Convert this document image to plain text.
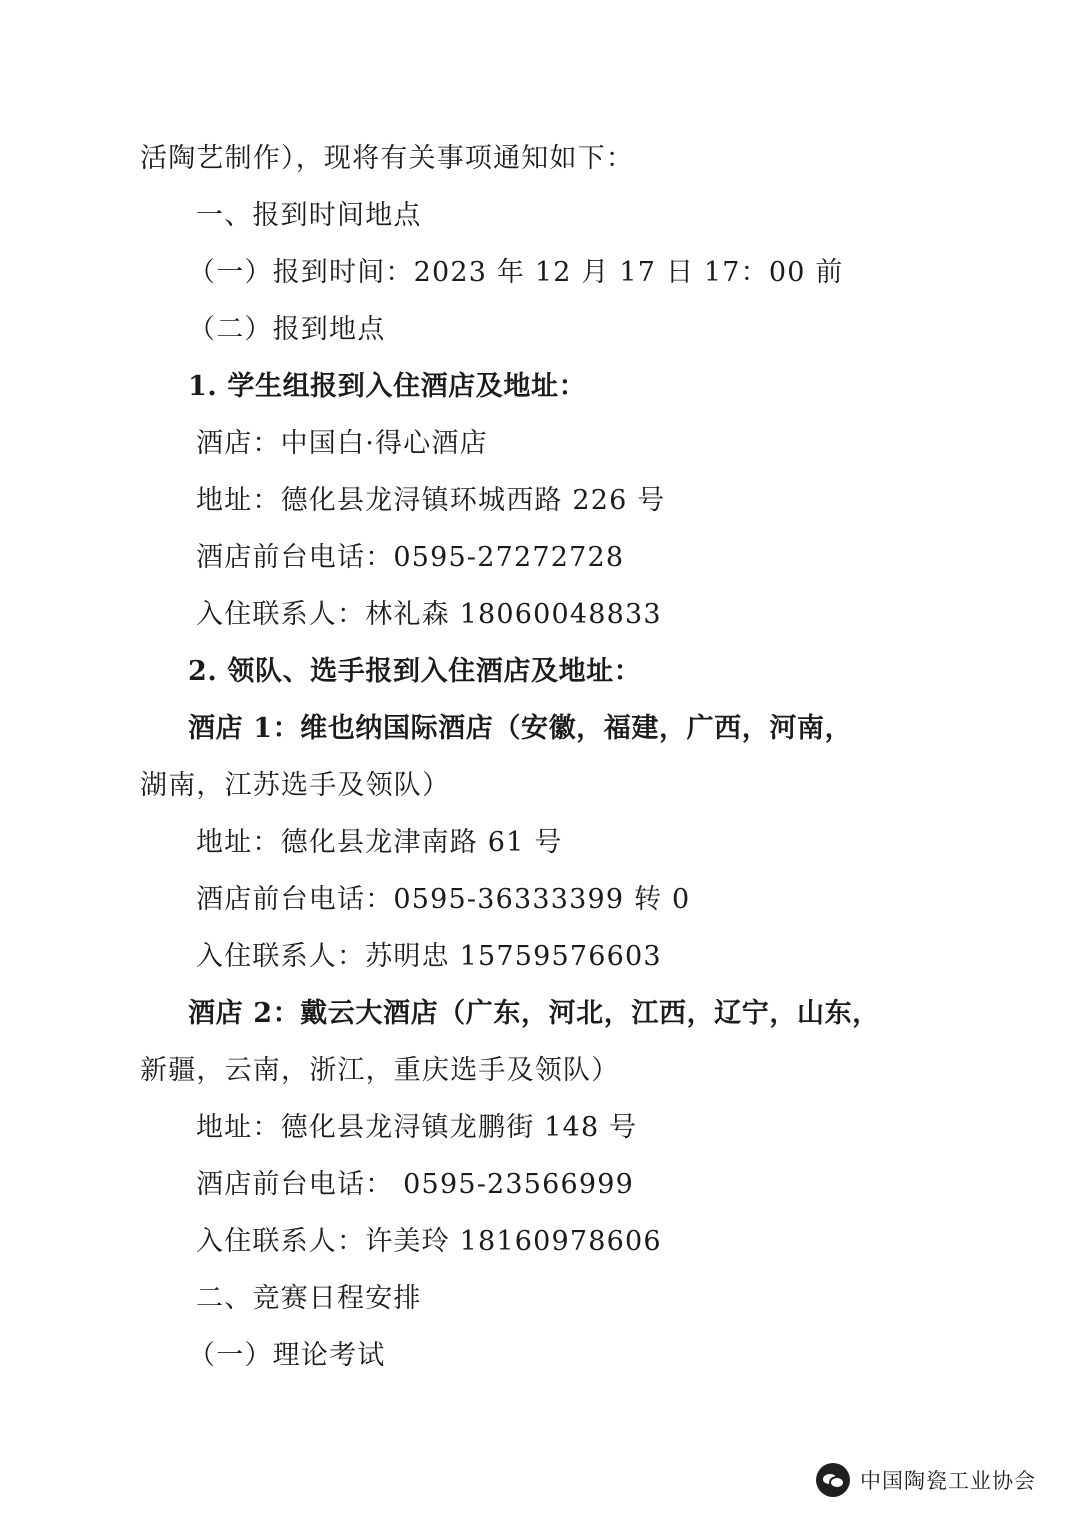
活陶艺制作），现将有关事项通知如下：
一、报到时间地点
（一）报到时间：2023 年 12 月 17 日 17：00 前
（二）报到地点
1. 学生组报到入住酒店及地址：
酒店：中国白·得心酒店
地址：德化县龙浔镇环城西路 226 号
酒店前台电话：0595-27272728
入住联系人：林礼森 18060048833
2. 领队、选手报到入住酒店及地址：
酒店 1：维也纳国际酒店（安徽，福建，广西，河南，
湖南，江苏选手及领队）
地址：德化县龙津南路 61 号
酒店前台电话：0595-36333399 转 0
入住联系人：苏明忠 15759576603
酒店 2：戴云大酒店（广东，河北，江西，辽宁，山东，
新疆，云南，浙江，重庆选手及领队）
地址：德化县龙浔镇龙鹏街 148 号
酒店前台电话： 0595-23566999
入住联系人：许美玲 18160978606
二、竞赛日程安排
（一）理论考试
中国陶瓷工业协会
